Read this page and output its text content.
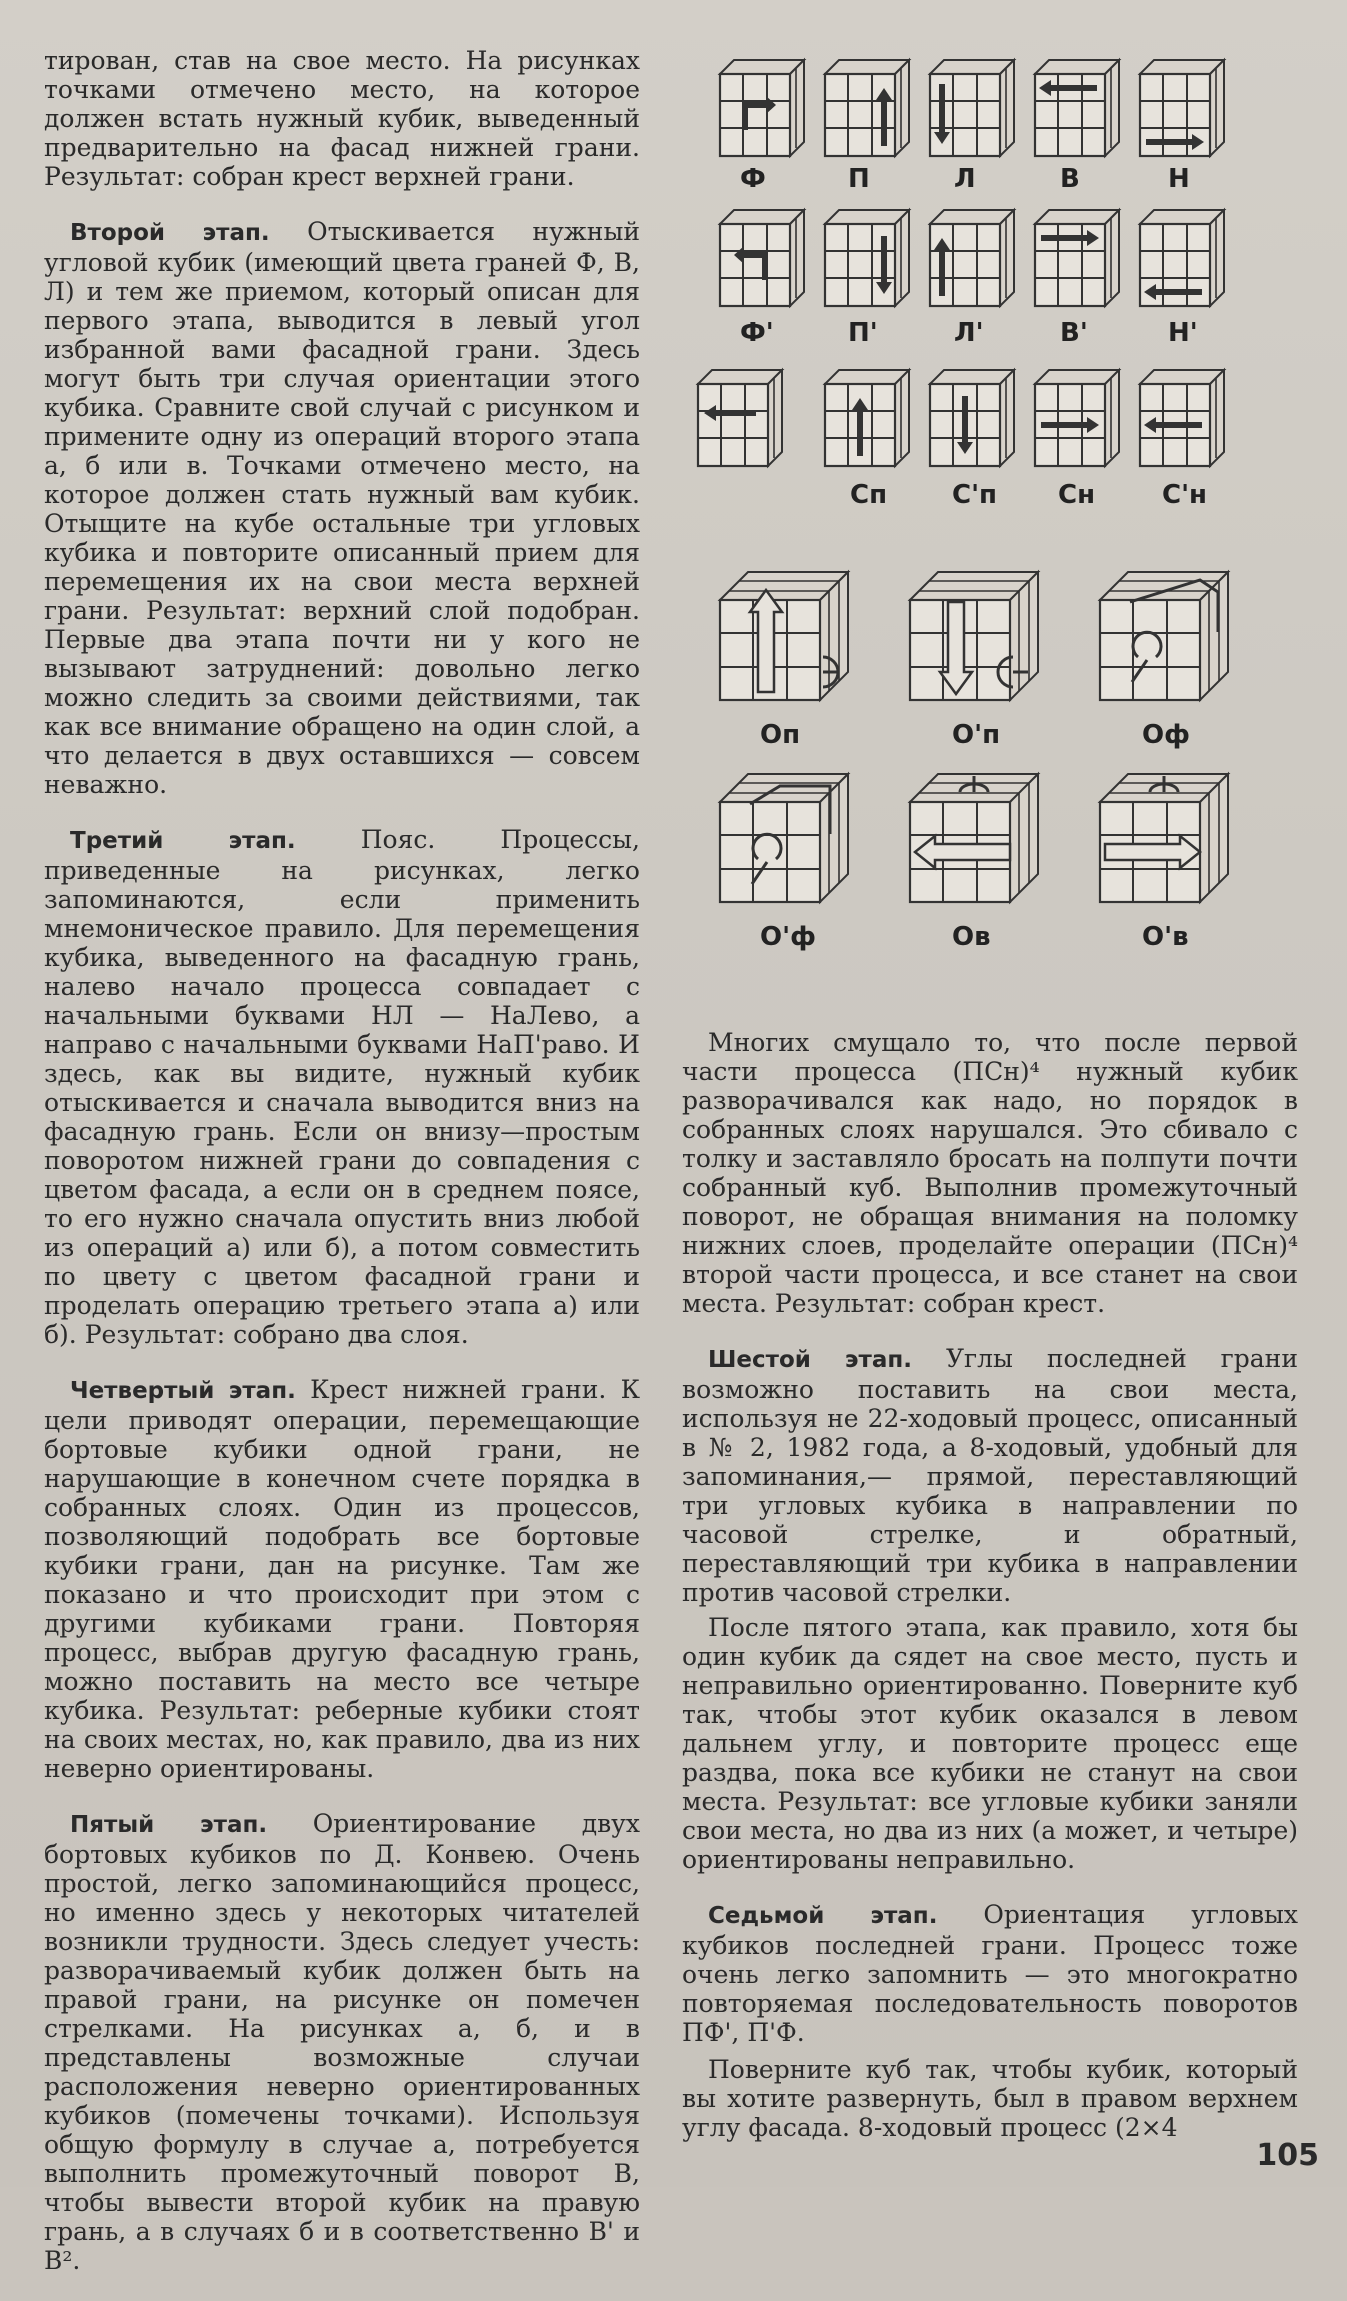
тирован, став на свое место. На рисунках точками отмечено место, на которое должен встать нужный кубик, выведенный предварительно на фасад нижней грани. Результат: собран крест верхней грани.

Второй этап. Отыскивается нужный угловой кубик (имеющий цвета граней Ф, В, Л) и тем же приемом, который описан для первого этапа, выводится в левый угол избранной вами фасадной грани. Здесь могут быть три случая ориентации этого кубика. Сравните свой случай с рисунком и примените одну из операций второго этапа а, б или в. Точками отмечено место, на которое должен стать нужный вам кубик. Отыщите на кубе остальные три угловых кубика и повторите описанный прием для перемещения их на свои места верхней грани. Результат: верхний слой подобран. Первые два этапа почти ни у кого не вызывают затруднений: довольно легко можно следить за своими действиями, так как все внимание обращено на один слой, а что делается в двух оставшихся — совсем неважно.

Третий этап.	Пояс. Процессы, приведенные на рисунках, легко запоминаются, если применить мнемоническое правило. Для перемещения кубика, выведенного на фасадную грань, налево начало процесса совпадает с начальными буквами НЛ — НаЛево, а направо с начальными буквами НаП'раво. И здесь, как вы видите, нужный кубик отыскивается и сначала выводится вниз на фасадную грань. Если он внизу—простым поворотом нижней грани до совпадения с цветом фасада, а если он в среднем поясе, то его нужно сначала опустить вниз любой из операций а) или б), а потом совместить по цвету с цветом фасадной грани и проделать операцию третьего этапа а) или б). Результат: собрано два слоя.

Четвертый этап. Крест нижней грани. К цели приводят операции, перемещающие бортовые кубики одной грани, не нарушающие в конечном счете порядка в собранных слоях. Один из процессов, позволяющий подобрать все бортовые кубики грани, дан на рисунке. Там же показано и что происходит при этом с другими кубиками грани. Повторяя процесс, выбрав другую фасадную грань, можно поставить на место все четыре кубика. Результат: реберные кубики стоят на своих местах, но, как правило, два из них неверно ориентированы.

Пятый этап. Ориентирование двух бортовых кубиков по Д. Конвею. Очень простой, легко запоминающийся процесс, но именно здесь у некоторых читателей возникли трудности. Здесь следует учесть: разворачиваемый кубик должен быть на правой грани, на рисунке он помечен стрелками. На рисунках а, б, и в представлены возможные случаи расположения неверно ориентированных кубиков (помечены точками). Используя общую формулу в случае а, потребуется выполнить промежуточный поворот В, чтобы вывести второй кубик на правую грань, а в случаях б и в соответственно В' и В².

Ф	П	Л	В	Н
Ф'	П'	Л'	В'	Н'
Сп С'п Сн	С'н
Оп	О'п	Оф
О'ф	Ов	О'в

Многих смущало то, что после первой части процесса (ПСн)⁴ нужный кубик разворачивался как надо, но порядок в собранных слоях нарушался. Это сбивало с толку и заставляло бросать на полпути почти собранный куб. Выполнив промежуточный поворот, не обращая внимания на поломку нижних слоев, проделайте операции (ПСн)⁴ второй части процесса, и все станет на свои места. Результат: собран крест.

Шестой этап. Углы последней грани возможно поставить на свои места, используя не 22-ходовый процесс, описанный в № 2, 1982 года, а 8-ходовый, удобный для запоминания,— прямой, переставляющий три угловых кубика в направлении по часовой стрелке, и обратный, переставляющий три кубика в направлении против часовой стрелки.

После пятого этапа, как правило, хотя бы один кубик да сядет на свое место, пусть и неправильно ориентированно. Поверните куб так, чтобы этот кубик оказался в левом дальнем углу, и повторите процесс еще раздва, пока все кубики не станут на свои места. Результат: все угловые кубики заняли свои места, но два из них (а может, и четыре) ориентированы неправильно.

Седьмой этап. Ориентация угловых кубиков последней грани. Процесс тоже очень легко запомнить — это многократно повторяемая последовательность поворотов ПФ', П'Ф.

Поверните куб так, чтобы кубик, который вы хотите развернуть, был в правом верхнем углу фасада. 8-ходовый процесс (2×4

105
